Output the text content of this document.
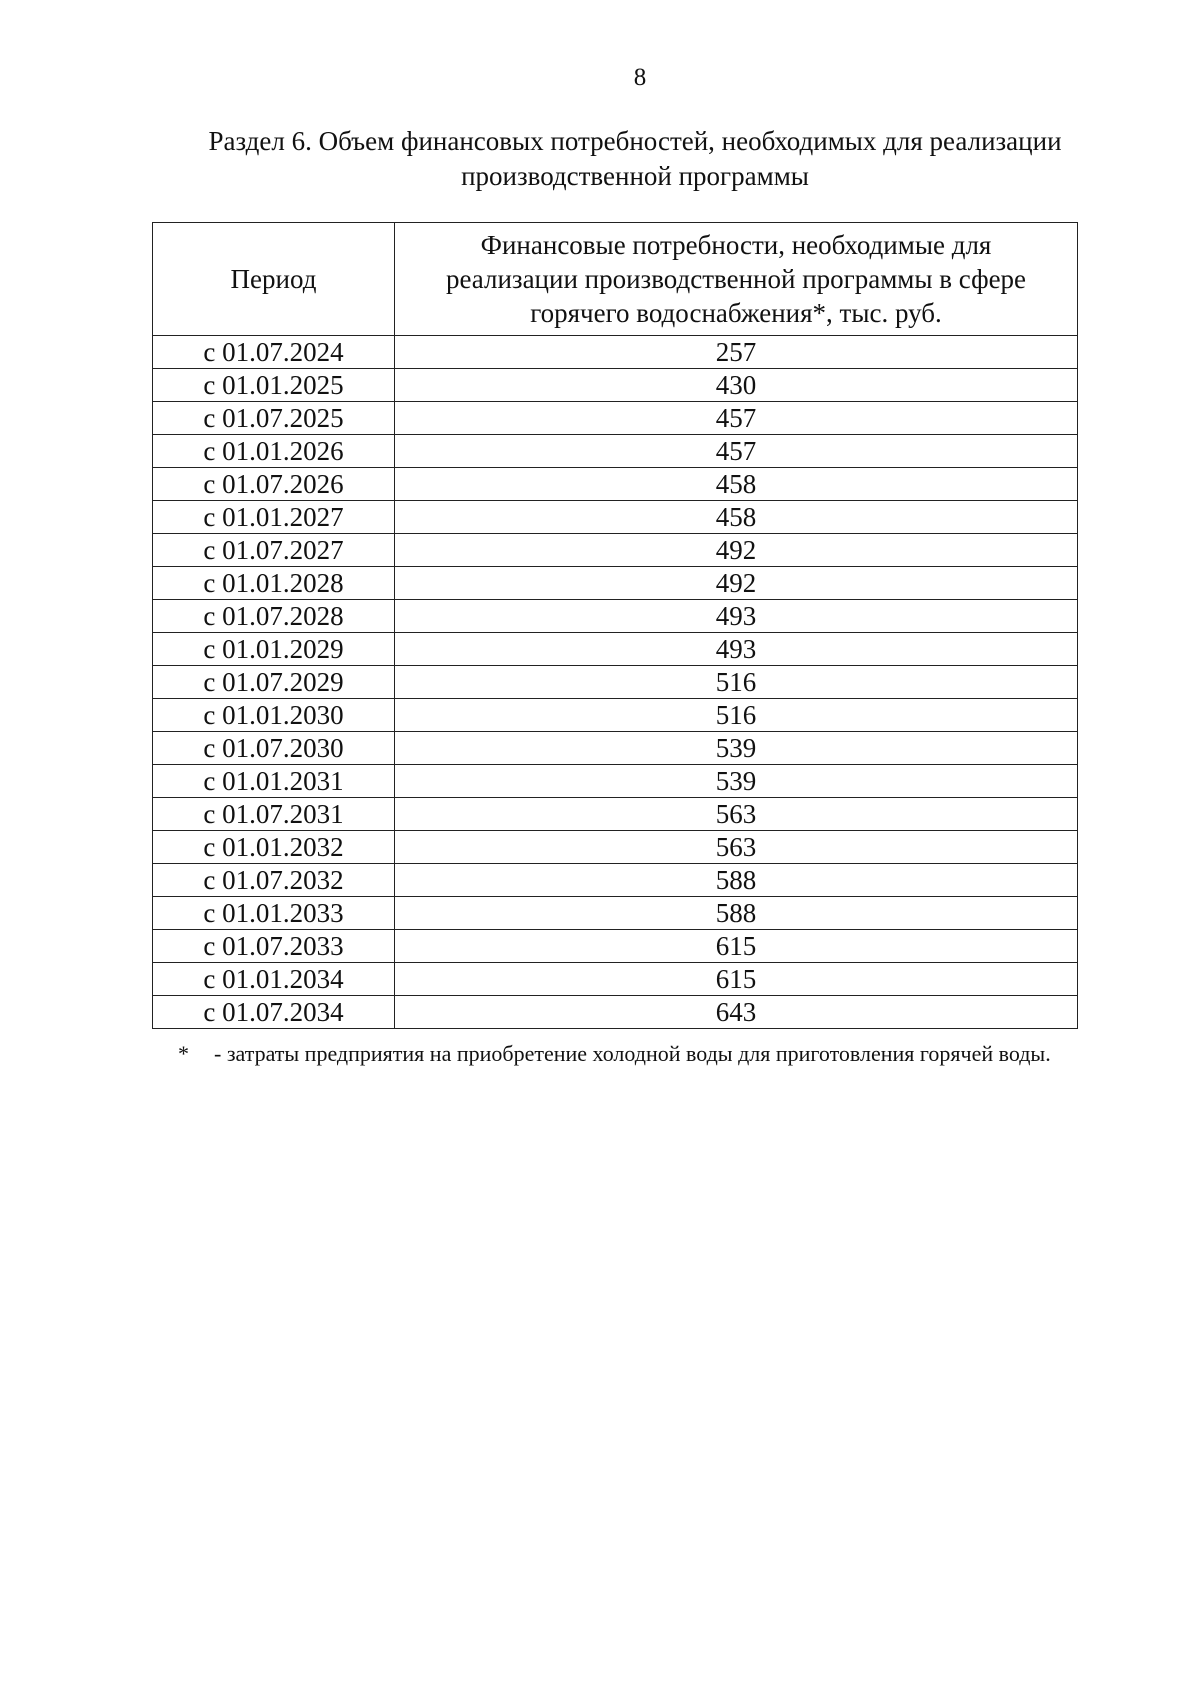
8
Раздел 6. Объем финансовых потребностей, необходимых для реализации
производственной программы
Период	Финансовые потребности, необходимые для
реализации производственной программы в сфере
горячего водоснабжения*, тыс. руб.

с 01.07.2024	257
с 01.01.2025	430
с 01.07.2025	457
с 01.01.2026	457
с 01.07.2026	458
с 01.01.2027	458
с 01.07.2027	492
с 01.01.2028	492
с 01.07.2028	493
с 01.01.2029	493
с 01.07.2029	516
с 01.01.2030	516
с 01.07.2030	539
с 01.01.2031	539
с 01.07.2031	563
с 01.01.2032	563
с 01.07.2032	588
с 01.01.2033	588
с 01.07.2033	615
с 01.01.2034	615
с 01.07.2034	643
* - затраты предприятия на приобретение холодной воды для приготовления горячей воды.
